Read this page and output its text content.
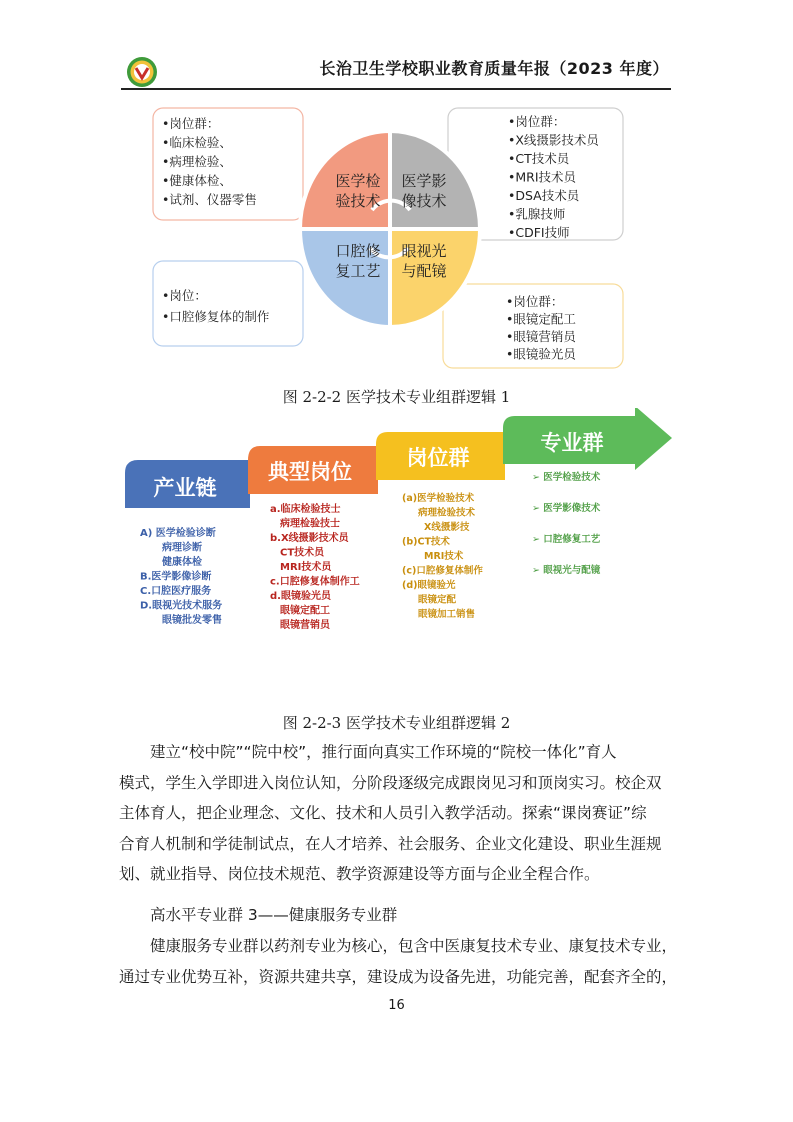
长治卫生学校职业教育质量年报（2023 年度）
•岗位群：
•临床检验、
•病理检验、
•健康体检、
•试剂、仪器零售
•岗位群：
•X线摄影技术员
•CT技术员
•MRI技术员
•DSA技术员
•乳腺技师
•CDFI技师
•岗位：
•口腔修复体的制作
•岗位群：
•眼镜定配工
•眼镜营销员
•眼镜验光员
医学检
验技术
医学影
像技术
口腔修
复工艺
眼视光
与配镜
图 2-2-2 医学技术专业组群逻辑 1
产业链
典型岗位
岗位群
专业群
A) 医学检验诊断
病理诊断
健康体检
B.医学影像诊断
C.口腔医疗服务
D.眼视光技术服务
眼镜批发零售
a.临床检验技士
病理检验技士
b.X线摄影技术员
CT技术员
MRI技术员
c.口腔修复体制作工
d.眼镜验光员
眼镜定配工
眼镜营销员
(a)医学检验技术
病理检验技术
X线摄影技
(b)CT技术
MRI技术
(c)口腔修复体制作
(d)眼镜验光
眼镜定配
眼镜加工销售
➢ 医学检验技术
➢ 医学影像技术
➢ 口腔修复工艺
➢ 眼视光与配镜
图 2-2-3 医学技术专业组群逻辑 2
建立“校中院”“院中校”，推行面向真实工作环境的“院校一体化”育人
模式，学生入学即进入岗位认知，分阶段逐级完成跟岗见习和顶岗实习。校企双
主体育人，把企业理念、文化、技术和人员引入教学活动。探索“课岗赛证”综
合育人机制和学徒制试点，在人才培养、社会服务、企业文化建设、职业生涯规
划、就业指导、岗位技术规范、教学资源建设等方面与企业全程合作。
高水平专业群 3——健康服务专业群
健康服务专业群以药剂专业为核心，包含中医康复技术专业、康复技术专业，
通过专业优势互补，资源共建共享，建设成为设备先进，功能完善，配套齐全的，
16
